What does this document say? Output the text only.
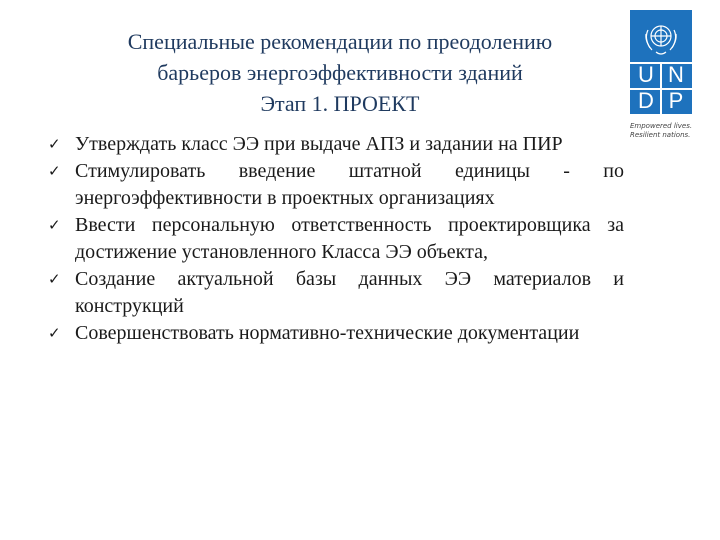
Специальные рекомендации по преодолению
барьеров энергоэффективности зданий
Этап 1. ПРОЕКТ
✓ Утверждать класс ЭЭ при выдаче АПЗ и задании на ПИР
✓ Стимулировать введение штатной единицы - по энергоэффективности в проектных организациях
✓ Ввести персональную ответственность проектировщика за достижение установленного Класса ЭЭ объекта,
✓ Создание актуальной базы данных ЭЭ материалов и конструкций
✓ Совершенствовать нормативно-технические документации
U N
D P
Empowered lives.
Resilient nations.
